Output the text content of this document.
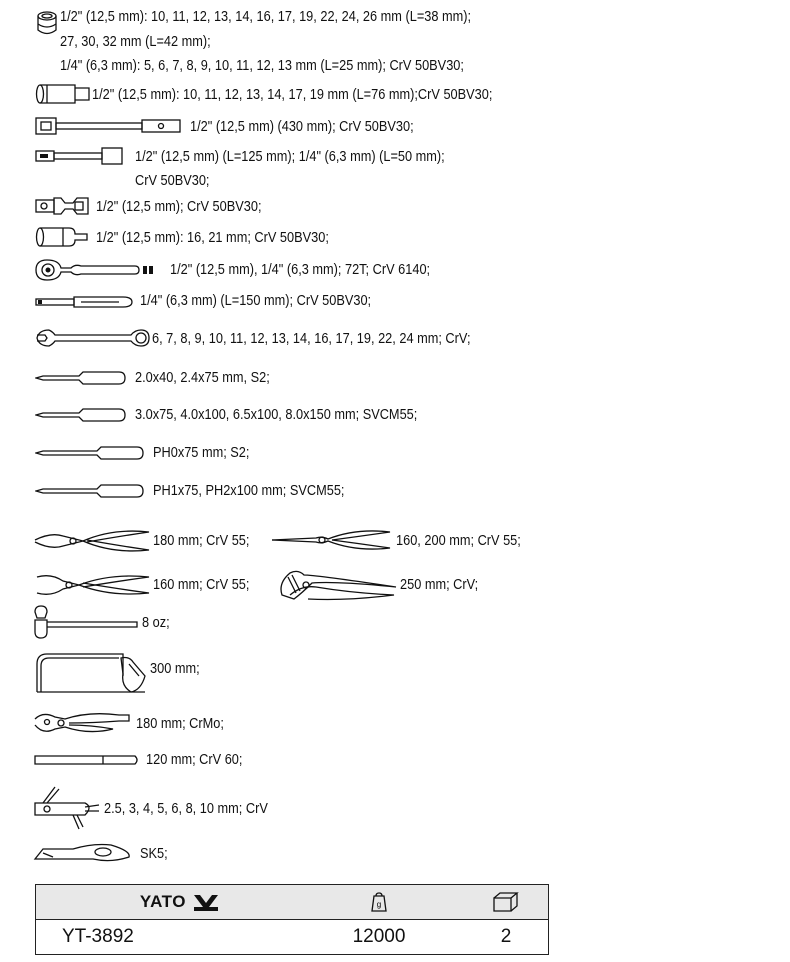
1/2" (12,5 mm): 10, 11, 12, 13, 14, 16, 17, 19, 22, 24, 26 mm (L=38 mm);
27, 30, 32 mm (L=42 mm);
1/4" (6,3 mm): 5, 6, 7, 8, 9, 10, 11, 12, 13 mm (L=25 mm); CrV 50BV30;
1/2" (12,5 mm): 10, 11, 12, 13, 14, 17, 19 mm (L=76 mm);CrV 50BV30;
1/2" (12,5 mm) (430 mm); CrV 50BV30;
1/2" (12,5 mm) (L=125 mm); 1/4" (6,3 mm) (L=50 mm);
CrV 50BV30;
1/2" (12,5 mm); CrV 50BV30;
1/2" (12,5 mm): 16, 21 mm; CrV 50BV30;
1/2" (12,5 mm), 1/4" (6,3 mm); 72T; CrV 6140;
1/4" (6,3 mm) (L=150 mm); CrV 50BV30;
6, 7, 8, 9, 10, 11, 12, 13, 14, 16, 17, 19, 22, 24 mm; CrV;
2.0x40, 2.4x75 mm, S2;
3.0x75, 4.0x100, 6.5x100, 8.0x150 mm; SVCM55;
PH0x75 mm; S2;
PH1x75, PH2x100 mm; SVCM55;
180 mm; CrV 55;	160, 200 mm; CrV 55;
160 mm; CrV 55;	250 mm; CrV;
8 oz;
300 mm;
180 mm; CrMo;
120 mm; CrV 60;
2.5, 3, 4, 5, 6, 8, 10 mm; CrV
SK5;
YATO	g

YT-3892	12000	2
